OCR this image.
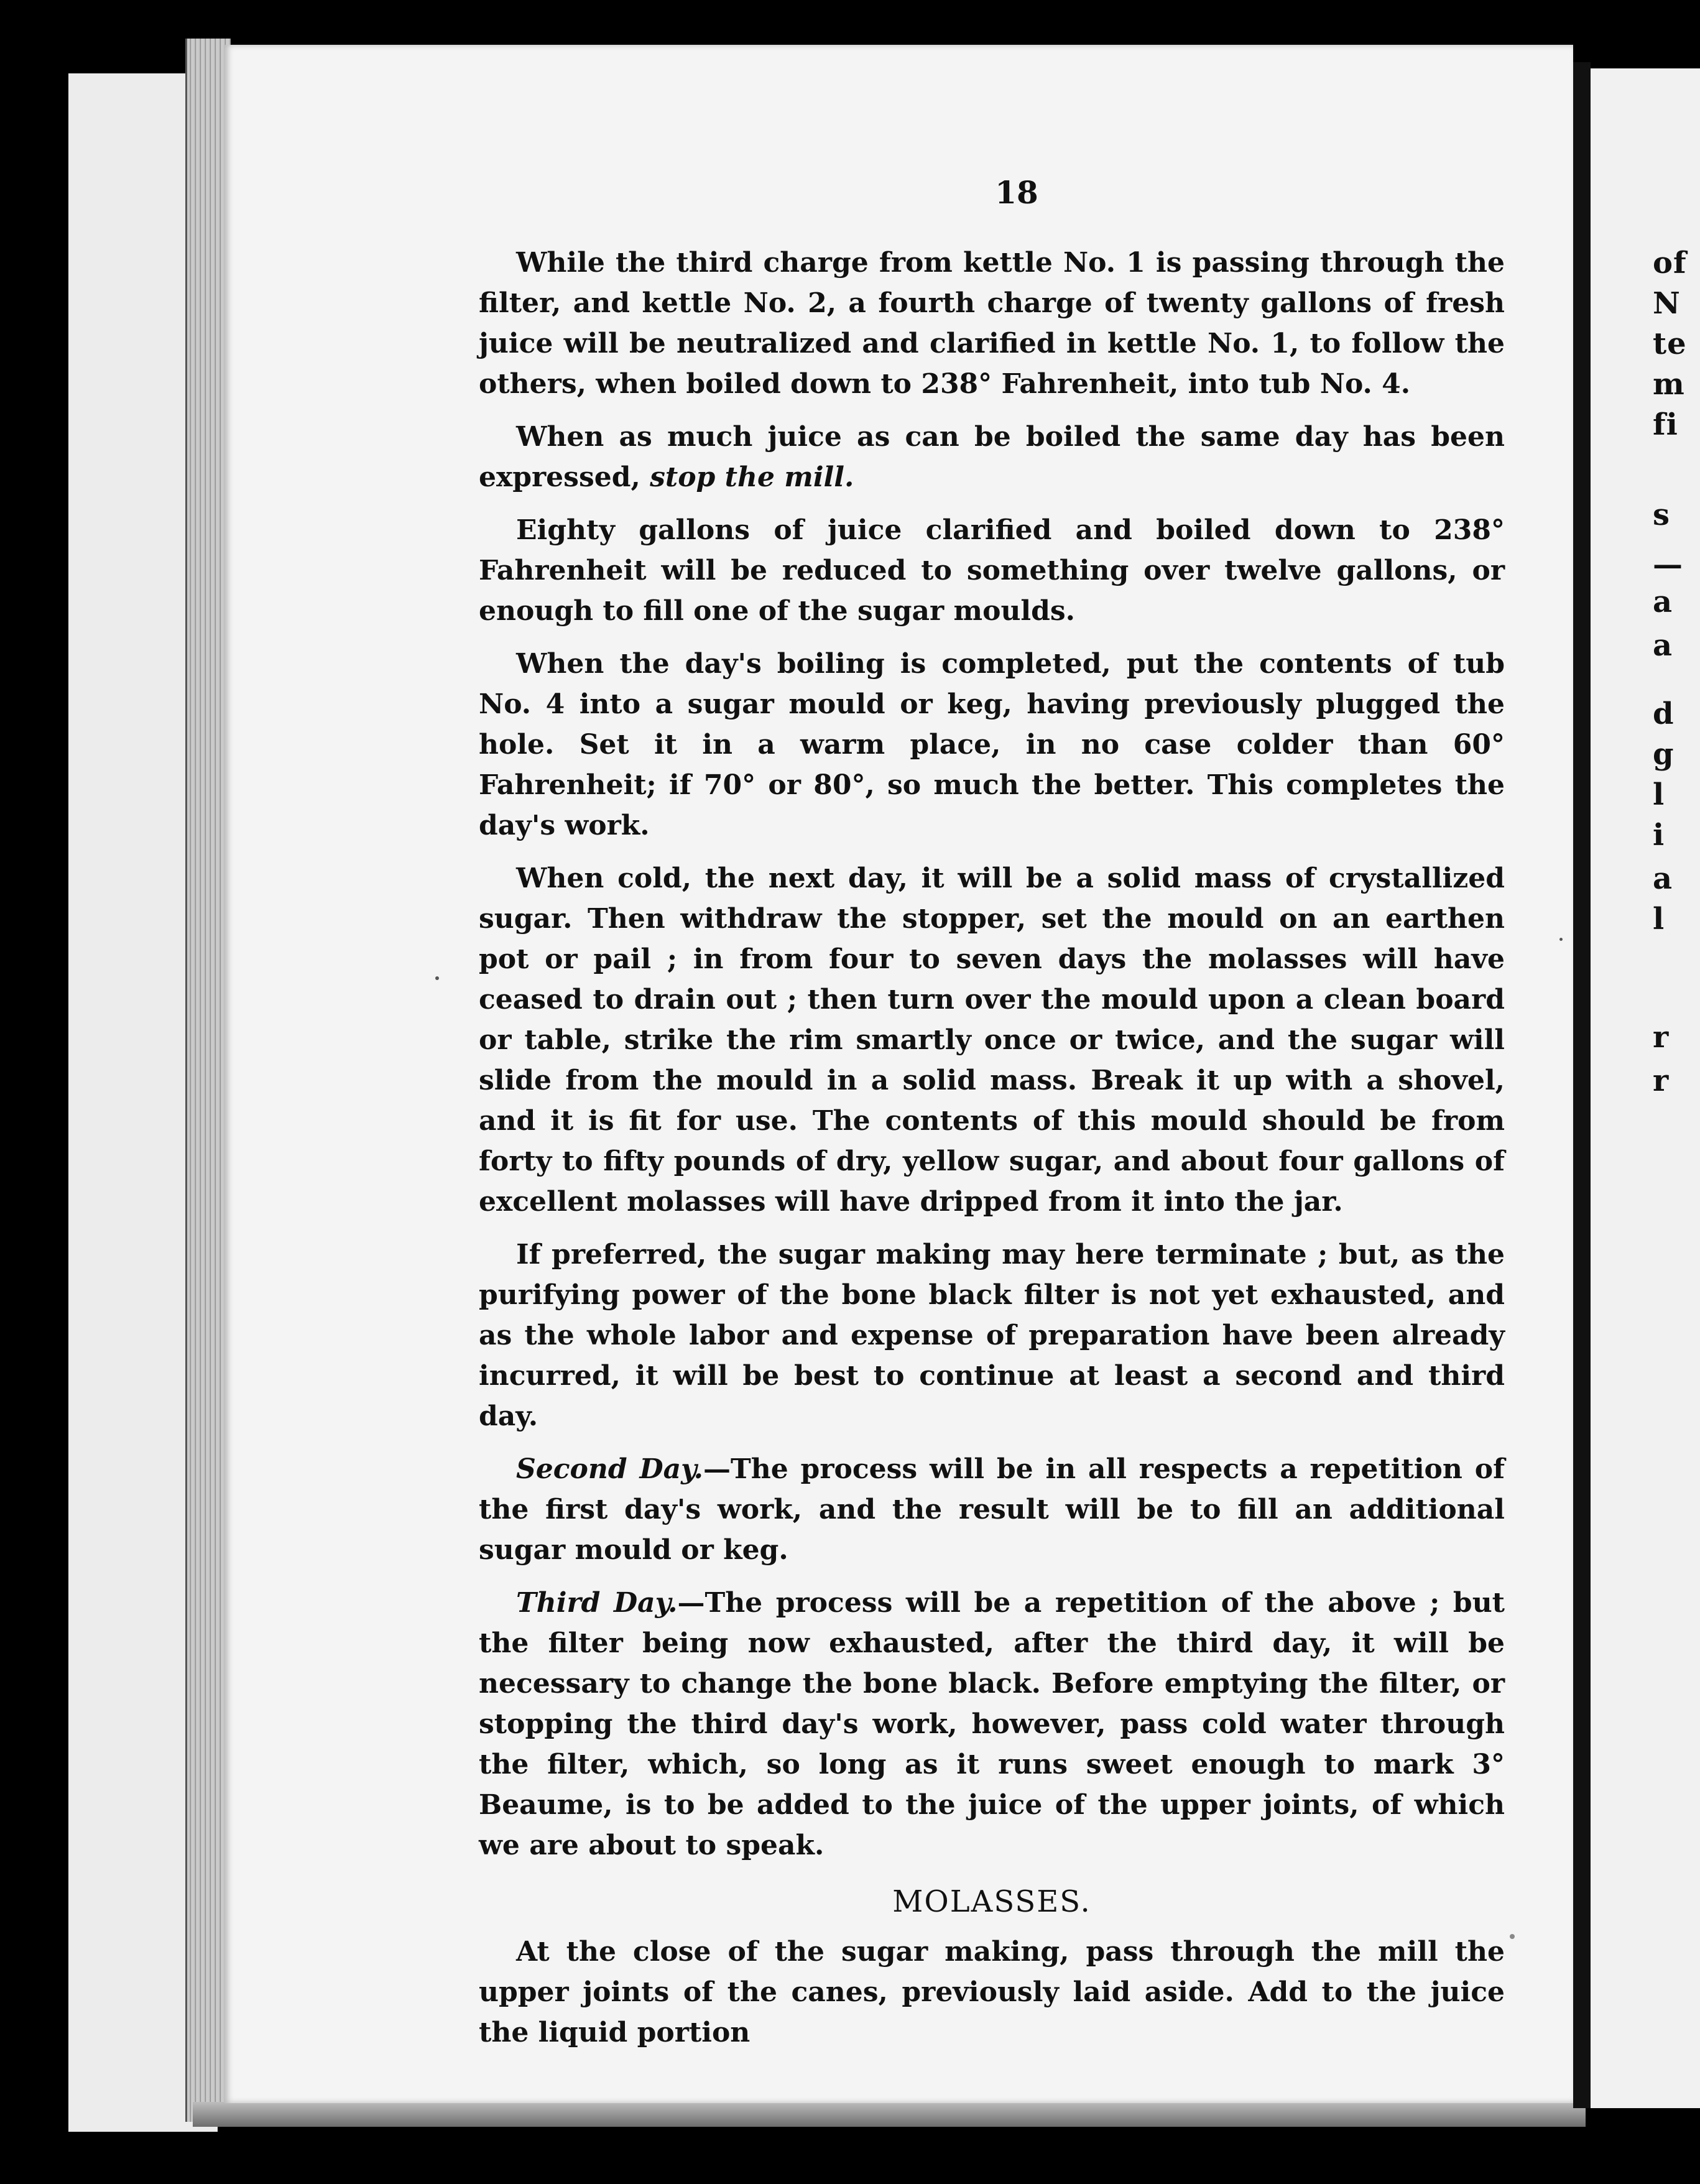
of
N
te
m
fi
s
—
a
a
d
g
l
i
a
l
r
r
18

While the third charge from kettle No. 1 is passing through the filter, and kettle No. 2, a fourth charge of twenty gallons of fresh juice will be neutralized and clarified in kettle No. 1, to follow the others, when boiled down to 238° Fahrenheit, into tub No. 4.

When as much juice as can be boiled the same day has been expressed, stop the mill.

Eighty gallons of juice clarified and boiled down to 238° Fahrenheit will be reduced to something over twelve gallons, or enough to fill one of the sugar moulds.

When the day's boiling is completed, put the contents of tub No. 4 into a sugar mould or keg, having previously plugged the hole. Set it in a warm place, in no case colder than 60° Fahrenheit; if 70° or 80°, so much the better. This completes the day's work.

When cold, the next day, it will be a solid mass of crystallized sugar. Then withdraw the stopper, set the mould on an earthen pot or pail ; in from four to seven days the molasses will have ceased to drain out ; then turn over the mould upon a clean board or table, strike the rim smartly once or twice, and the sugar will slide from the mould in a solid mass. Break it up with a shovel, and it is fit for use. The contents of this mould should be from forty to fifty pounds of dry, yellow sugar, and about four gallons of excellent molasses will have dripped from it into the jar.

If preferred, the sugar making may here terminate ; but, as the purifying power of the bone black filter is not yet exhausted, and as the whole labor and expense of preparation have been already incurred, it will be best to continue at least a second and third day.

Second Day.—The process will be in all respects a repetition of the first day's work, and the result will be to fill an additional sugar mould or keg.

Third Day.—The process will be a repetition of the above ; but the filter being now exhausted, after the third day, it will be necessary to change the bone black. Before emptying the filter, or stopping the third day's work, however, pass cold water through the filter, which, so long as it runs sweet enough to mark 3° Beaume, is to be added to the juice of the upper joints, of which we are about to speak.

MOLASSES.

At the close of the sugar making, pass through the mill the upper joints of the canes, previously laid aside. Add to the juice the liquid portion
